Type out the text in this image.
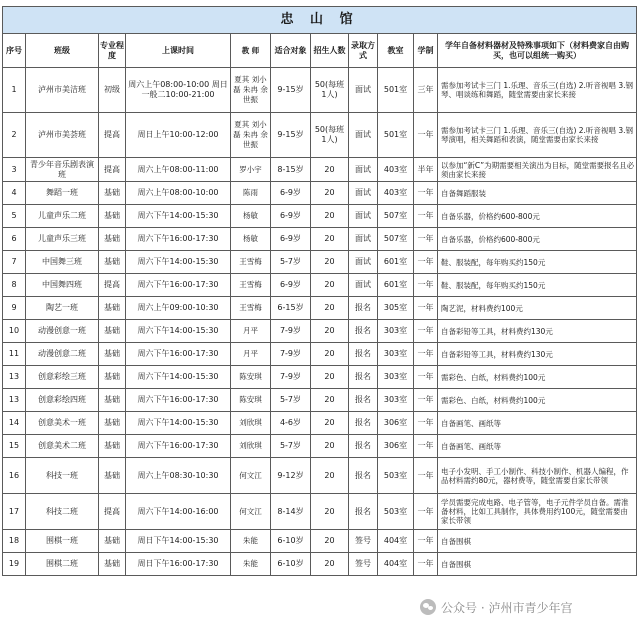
忠 山 馆										
序号	班级	专业程度	上课时间	教 师	适合对象	招生人数	录取方式	教室	学制	学年自备材料器材及特殊事项如下（材料费家自由购买，也可以组统一购买）
1	泸州市美洁班	初级	周六上午08:00-10:00 周日一般二10:00-21:00	夏其 刘小磊 朱冉 余世振	9-15岁	50(每班 1人)	面试	501室	三年	需参加考试卡三门 1.乐理、音乐三(自选) 2.听音视唱 3.钢琴、唱谈练和舞蹈，随堂需要由家长来接
2	泸州市美荟班	提高	周日上午10:00-12:00	夏其 刘小磊 朱冉 余世振	9-15岁	50(每班 1人)	面试	501室	一年	需参加考试卡三门 1.乐理、音乐三(自选) 2.听音视唱 3.钢琴演唱，相关舞蹈和表演，随堂需要由家长来接
3	青少年音乐剧表演班	提高	周六上午08:00-11:00	罗小宇	8-15岁	20	面试	403室	半年	以参加“新C”为期需要相关演出为目标，随堂需要报名且必须由家长来接
4	舞蹈一班	基础	周六上午08:00-10:00	陈雨	6-9岁	20	面试	403室	一年	自备舞蹈服装
5	儿童声乐二班	基础	周六下午14:00-15:30	杨敏	6-9岁	20	面试	507室	一年	自备乐器，价格约600-800元
6	儿童声乐三班	基础	周六下午16:00-17:30	杨敏	6-9岁	20	面试	507室	一年	自备乐器，价格约600-800元
7	中国舞三班	基础	周六下午14:00-15:30	王雪梅	5-7岁	20	面试	601室	一年	鞋、服装配，每年购买约150元
8	中国舞四班	提高	周六下午16:00-17:30	王雪梅	6-9岁	20	面试	601室	一年	鞋、服装配，每年购买约150元
9	陶艺一班	基础	周六上午09:00-10:30	王雪梅	6-15岁	20	报名	305室	一年	陶艺泥，材料费约100元
10	动漫创意一班	基础	周六下午14:00-15:30	月平	7-9岁	20	报名	303室	一年	自备彩铅等工具，材料费约130元
11	动漫创意二班	基础	周六下午16:00-17:30	月平	7-9岁	20	报名	303室	一年	自备彩铅等工具，材料费约130元
13	创意彩绘三班	基础	周六下午14:00-15:30	陈安琪	7-9岁	20	报名	303室	一年	需彩色、白纸，材料费约100元
13	创意彩绘四班	基础	周六下午16:00-17:30	陈安琪	5-7岁	20	报名	303室	一年	需彩色、白纸，材料费约100元
14	创意美术一班	基础	周六下午14:00-15:30	刘欣琪	4-6岁	20	报名	306室	一年	自备画笔、画纸等
15	创意美术二班	基础	周六下午16:00-17:30	刘欣琪	5-7岁	20	报名	306室	一年	自备画笔、画纸等
16	科技一班	基础	周六上午08:30-10:30	何文江	9-12岁	20	报名	503室	一年	电子小发明、手工小制作、科技小制作、机器人编程，作品材料需约80元，器材费等，随堂需要自家长带领
17	科技二班	提高	周六下午14:00-16:00	何文江	8-14岁	20	报名	503室	一年	学员需要完成电路、电子管等，电子元件学员自备。需准备材料，比如工具制作，具体费用约100元，随堂需要由家长带领
18	围棋一班	基础	周日下午14:00-15:30	朱能	6-10岁	20	签号	404室	一年	自备围棋
19	围棋二班	基础	周日下午16:00-17:30	朱能	6-10岁	20	签号	404室	一年	自备围棋
公众号 · 泸州市青少年宫
